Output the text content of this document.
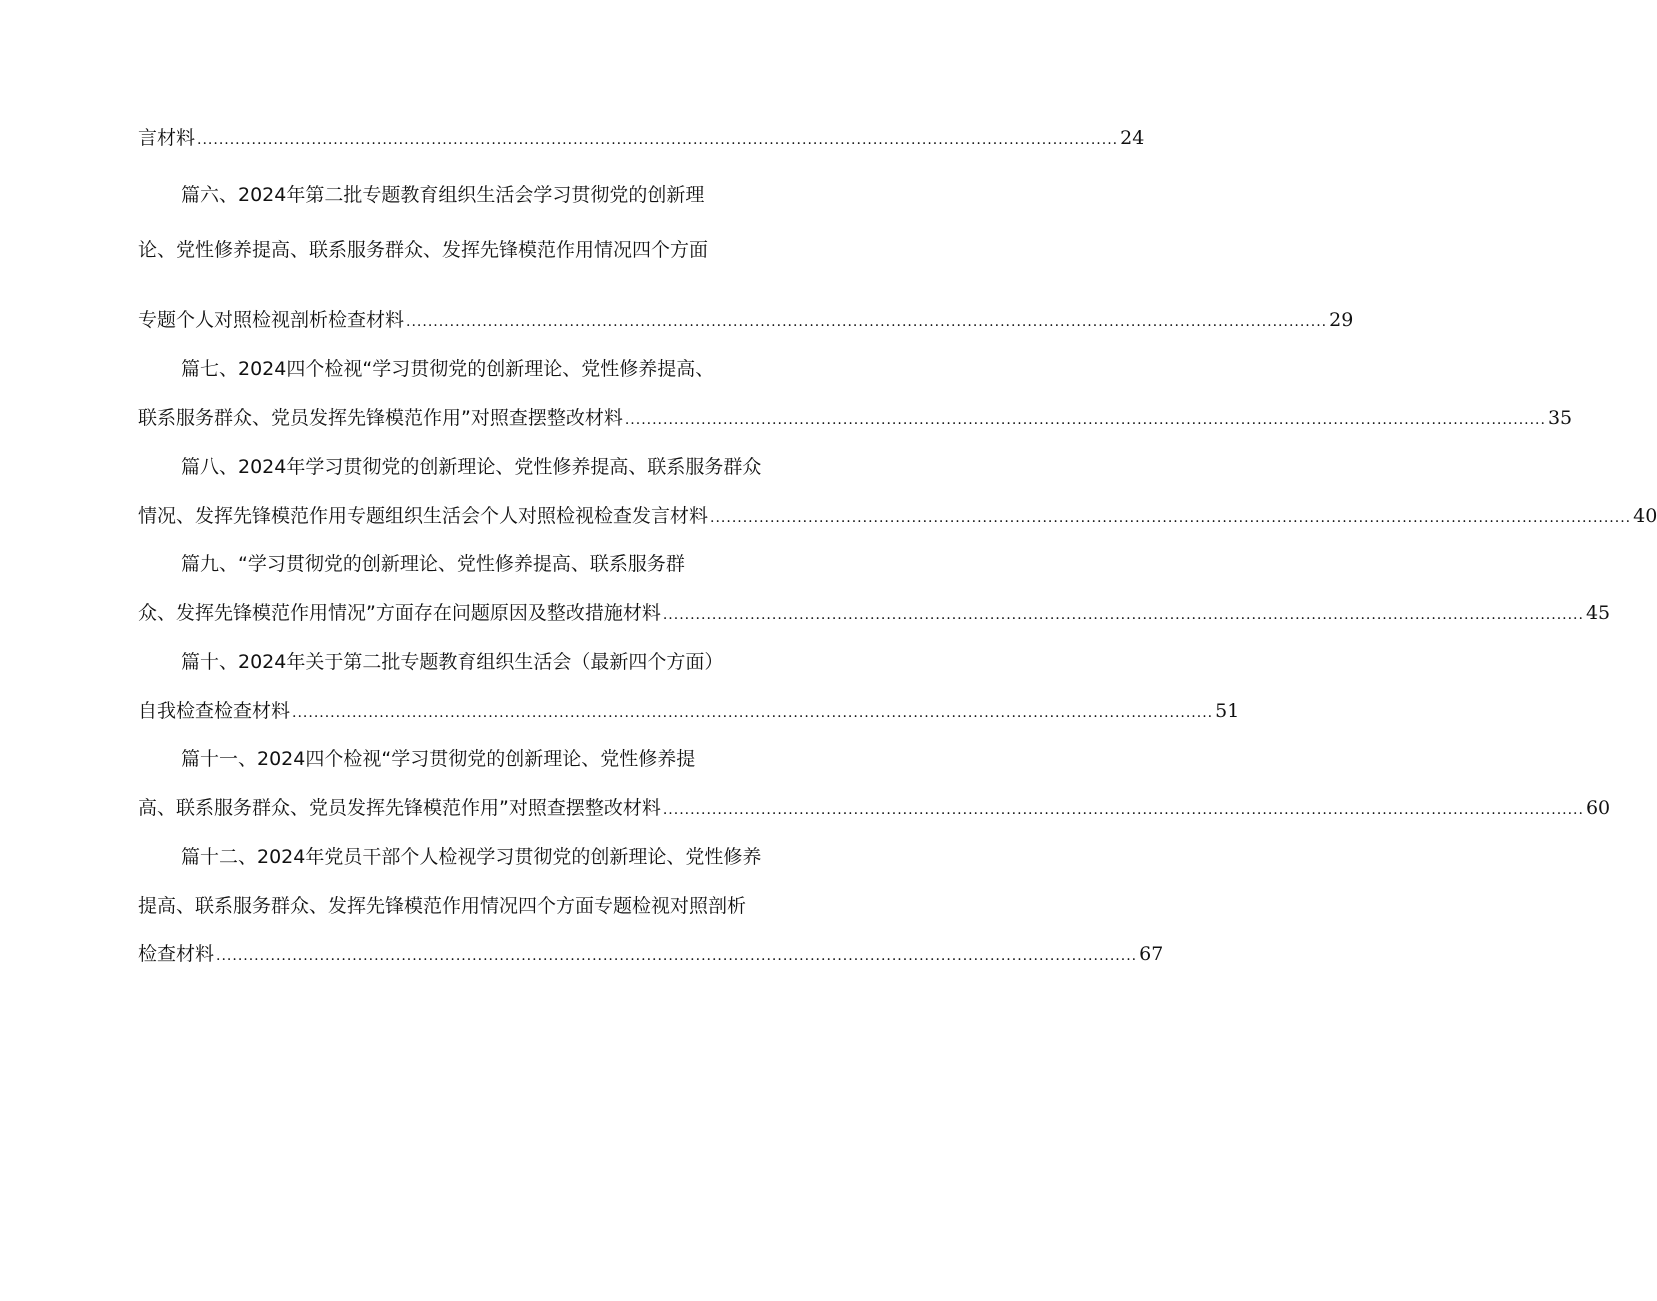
言材料 ......................................................................................................................................................................... 24
篇六、2024年第二批专题教育组织生活会学习贯彻党的创新理
论、党性修养提高、联系服务群众、发挥先锋模范作用情况四个方面
专题个人对照检视剖析检查材料 ......................................................................................................................................................................... 29
篇七、2024四个检视“学习贯彻党的创新理论、党性修养提高、
联系服务群众、党员发挥先锋模范作用”对照查摆整改材料 ......................................................................................................................................................................... 35
篇八、2024年学习贯彻党的创新理论、党性修养提高、联系服务群众
情况、发挥先锋模范作用专题组织生活会个人对照检视检查发言材料 ......................................................................................................................................................................... 40
篇九、“学习贯彻党的创新理论、党性修养提高、联系服务群
众、发挥先锋模范作用情况”方面存在问题原因及整改措施材料 ......................................................................................................................................................................... 45
篇十、2024年关于第二批专题教育组织生活会（最新四个方面）
自我检查检查材料 ......................................................................................................................................................................... 51
篇十一、2024四个检视“学习贯彻党的创新理论、党性修养提
高、联系服务群众、党员发挥先锋模范作用”对照查摆整改材料 ......................................................................................................................................................................... 60
篇十二、2024年党员干部个人检视学习贯彻党的创新理论、党性修养
提高、联系服务群众、发挥先锋模范作用情况四个方面专题检视对照剖析
检查材料 ......................................................................................................................................................................... 67
